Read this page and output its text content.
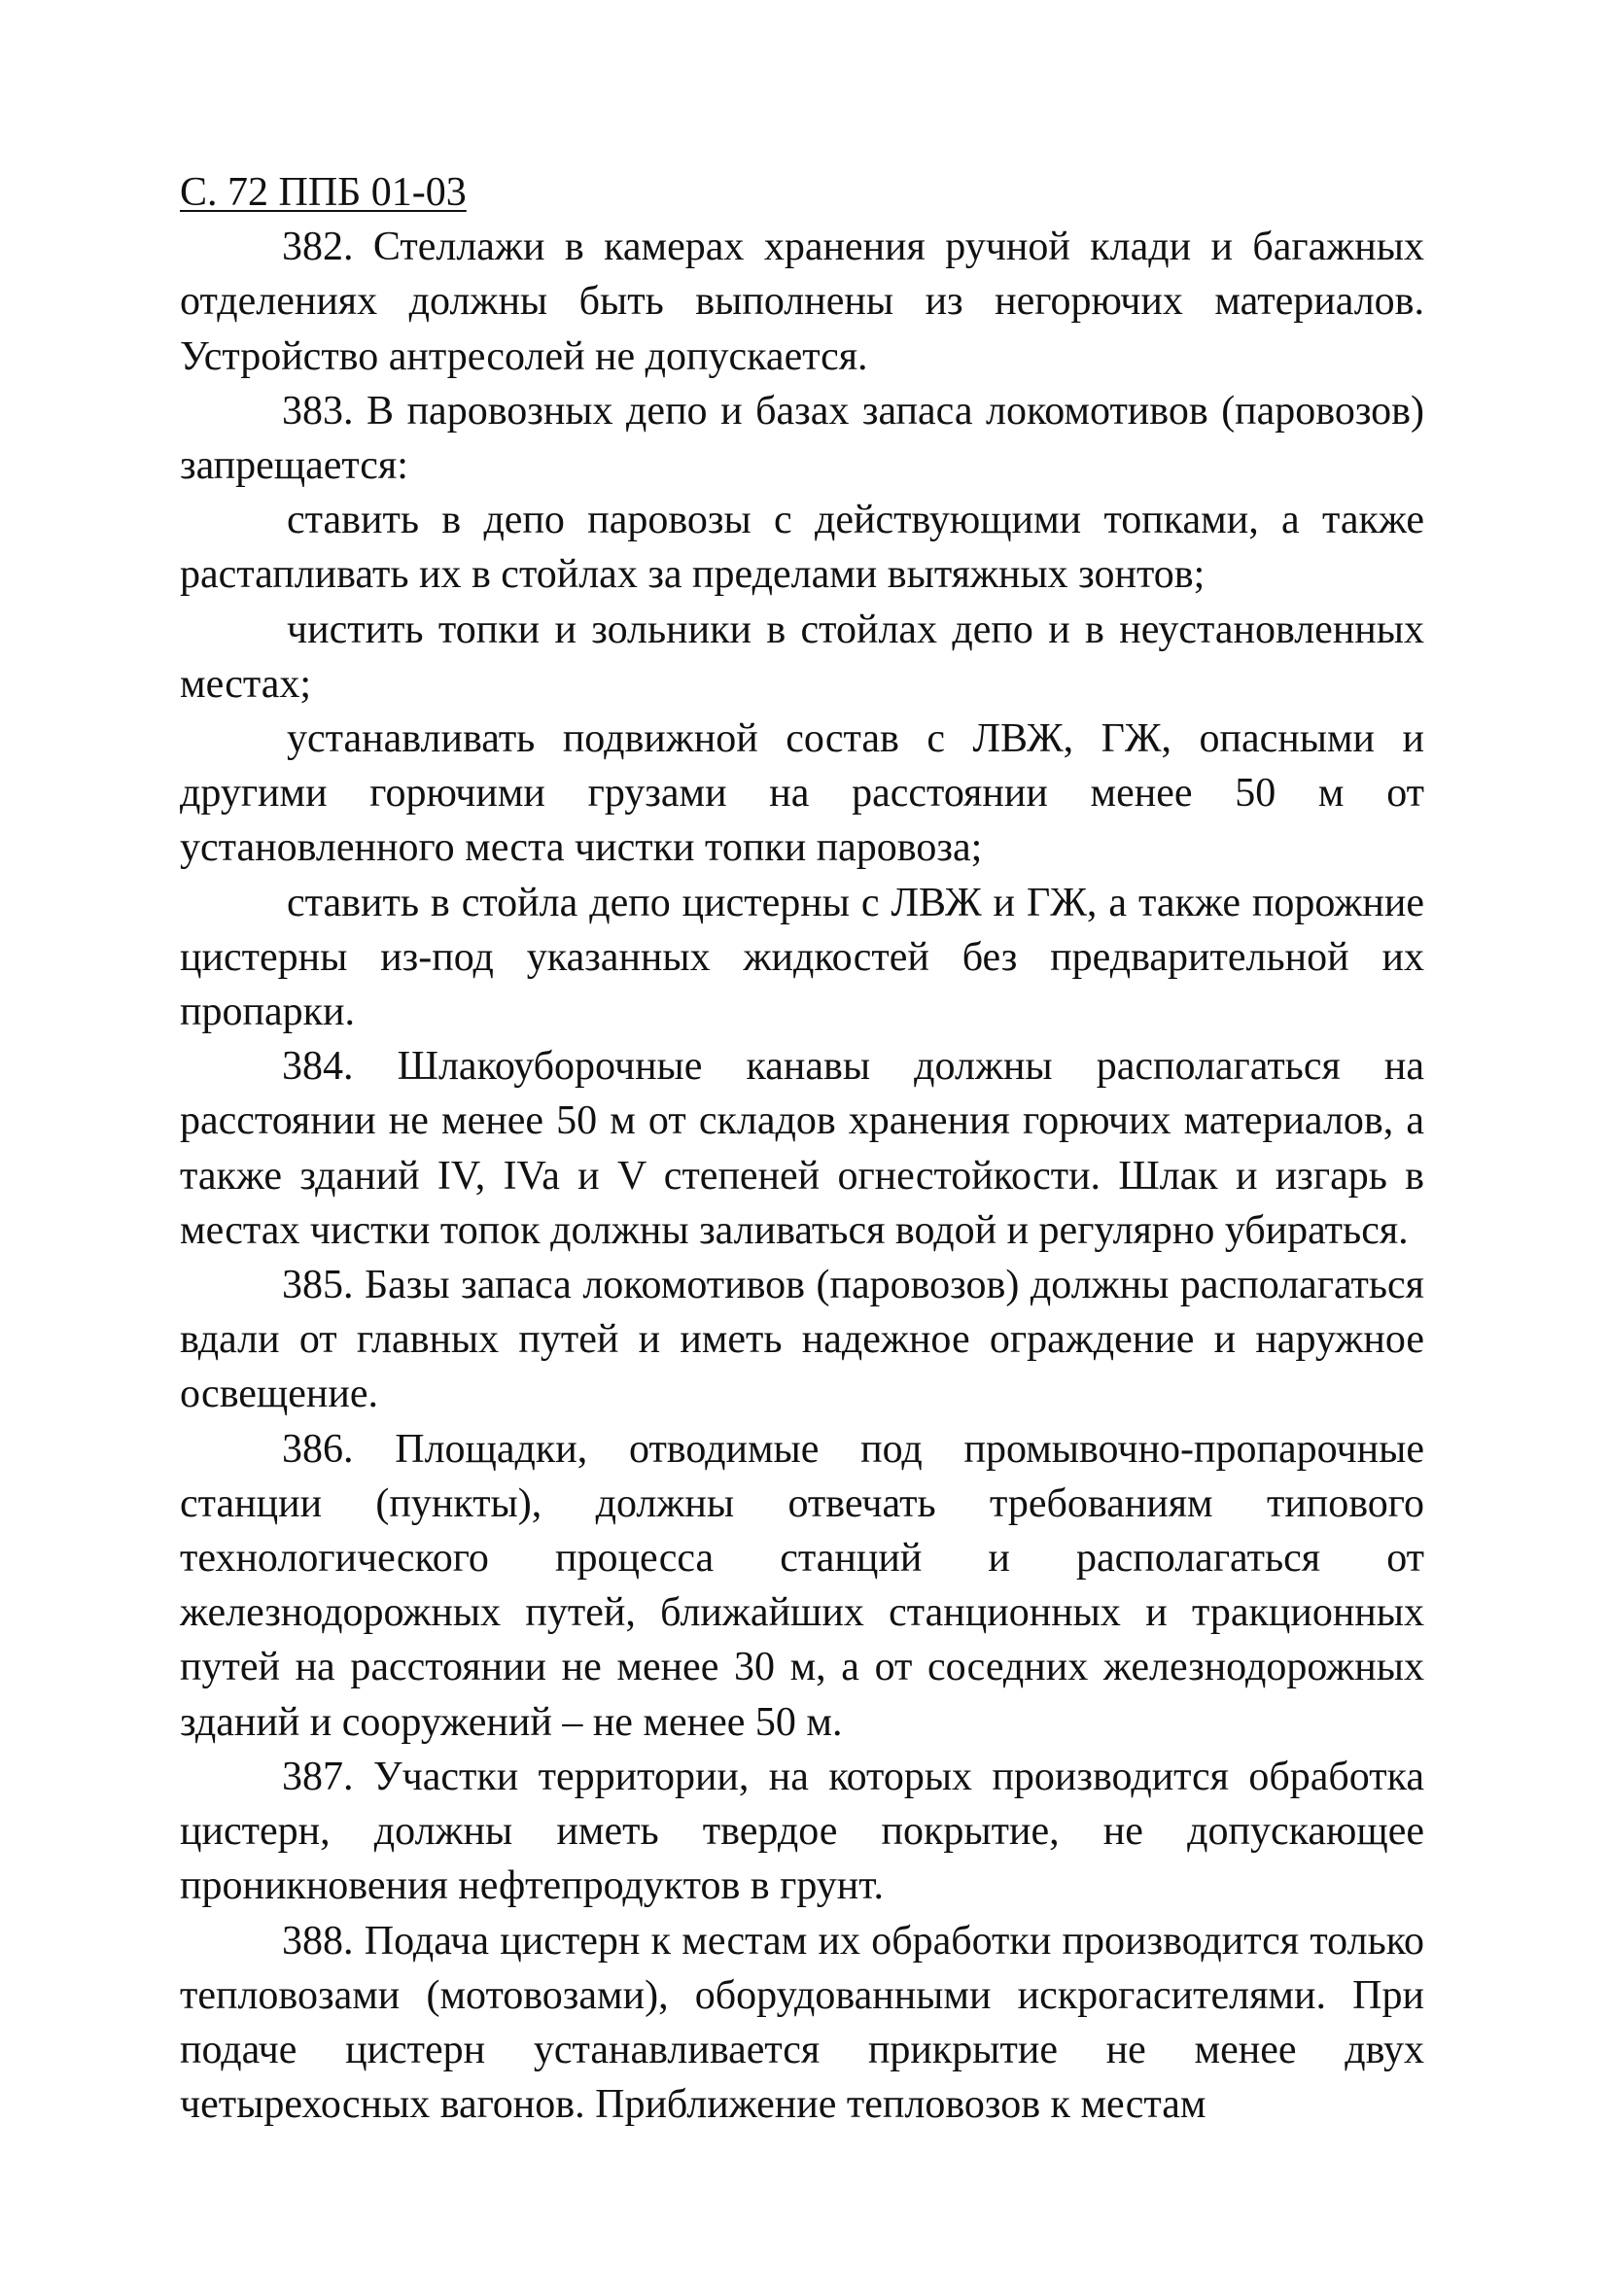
С. 72 ППБ 01-03

382. Стеллажи в камерах хранения ручной клади и багажных отделениях должны быть выполнены из негорючих материалов. Устройство антресолей не допускается.

383. В паровозных депо и базах запаса локомотивов (паровозов) запрещается:

ставить в депо паровозы с действующими топками, а также растапливать их в стойлах за пределами вытяжных зонтов;

чистить топки и зольники в стойлах депо и в неустановленных местах;

устанавливать подвижной состав с ЛВЖ, ГЖ, опасными и другими горючими грузами на расстоянии менее 50 м от установленного места чистки топки паровоза;

ставить в стойла депо цистерны с ЛВЖ и ГЖ, а также порожние цистерны из-под указанных жидкостей без предварительной их пропарки.

384. Шлакоуборочные канавы должны располагаться на расстоянии не менее 50 м от складов хранения горючих материалов, а также зданий IV, IVa и V степеней огнестойкости. Шлак и изгарь в местах чистки топок должны заливаться водой и регулярно убираться.

385. Базы запаса локомотивов (паровозов) должны располагаться вдали от главных путей и иметь надежное ограждение и наружное освещение.

386. Площадки, отводимые под промывочно-пропарочные станции (пункты), должны отвечать требованиям типового технологического процесса станций и располагаться от железнодорожных путей, ближайших станционных и тракционных путей на расстоянии не менее 30 м, а от соседних железнодорожных зданий и сооружений – не менее 50 м.

387. Участки территории, на которых производится обработка цистерн, должны иметь твердое покрытие, не допускающее проникновения нефтепродуктов в грунт.

388. Подача цистерн к местам их обработки производится только тепловозами (мотовозами), оборудованными искрогасителями. При подаче цистерн устанавливается прикрытие не менее двух четырехосных вагонов. Приближение тепловозов к местам
